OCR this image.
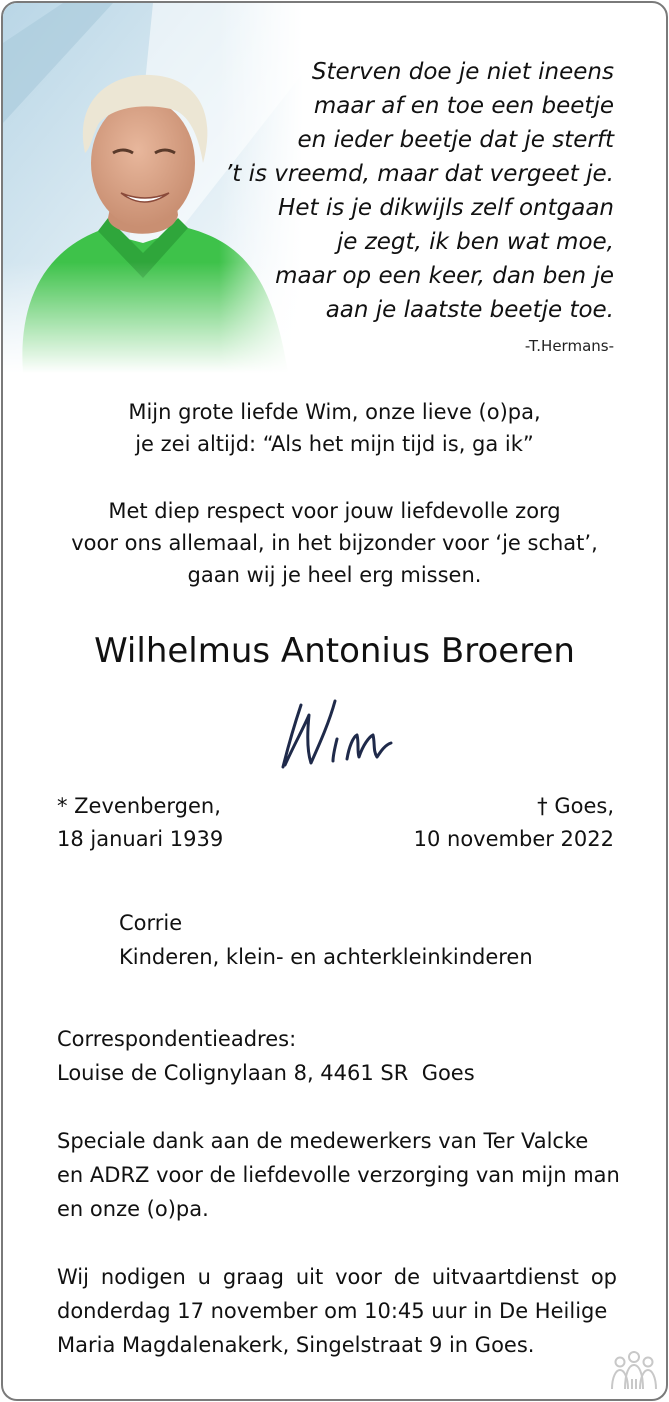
Sterven doe je niet ineens
maar af en toe een beetje
en ieder beetje dat je sterft
’t is vreemd, maar dat vergeet je.
Het is je dikwijls zelf ontgaan
je zegt, ik ben wat moe,
maar op een keer, dan ben je
aan je laatste beetje toe.
-T.Hermans-
Mijn grote liefde Wim, onze lieve (o)pa,
je zei altijd: “Als het mijn tijd is, ga ik”
Met diep respect voor jouw liefdevolle zorg
voor ons allemaal, in het bijzonder voor ‘je schat’,
gaan wij je heel erg missen.
Wilhelmus Antonius Broeren
* Zevenbergen,
18 januari 1939
† Goes,
10 november 2022
Corrie
Kinderen, klein- en achterkleinkinderen
Correspondentieadres:
Louise de Colignylaan 8, 4461 SR  Goes
Speciale dank aan de medewerkers van Ter Valcke
en ADRZ voor de liefdevolle verzorging van mijn man
en onze (o)pa.
Wij nodigen u graag uit voor de uitvaartdienst op
donderdag 17 november om 10:45 uur in De Heilige
Maria Magdalenakerk, Singelstraat 9 in Goes.
